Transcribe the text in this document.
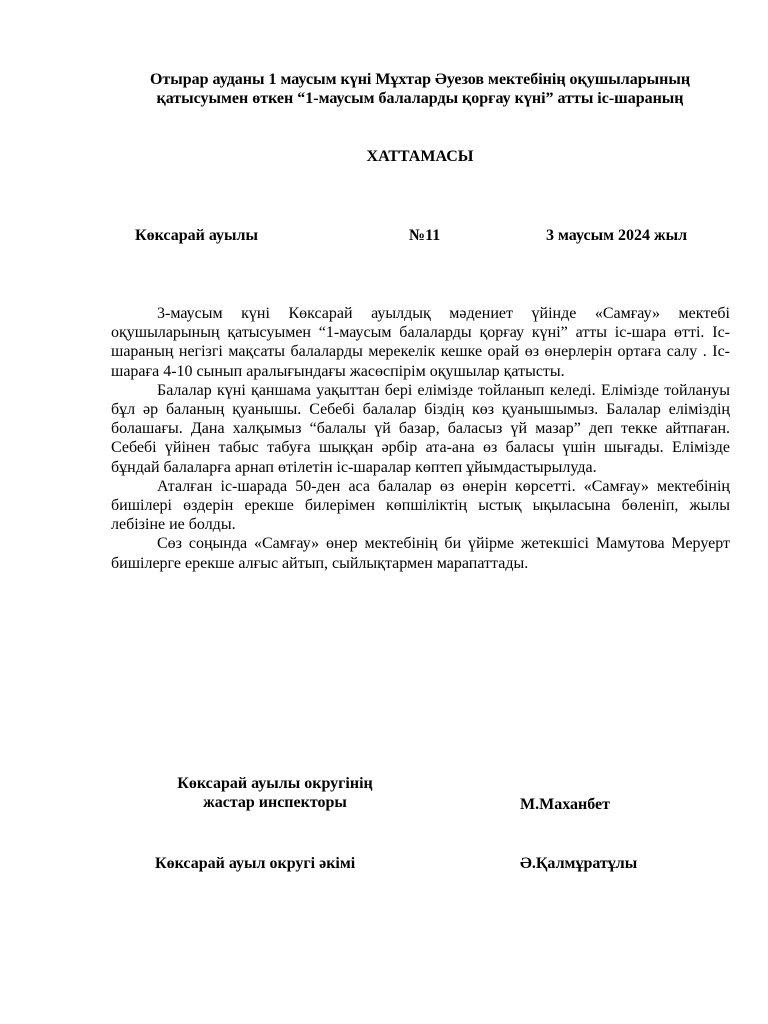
Отырар ауданы 1 маусым күні Мұхтар Әуезов мектебінің оқушыларының
қатысуымен өткен “1-маусым балаларды қорғау күні” атты іс-шараның
ХАТТАМАСЫ
Көксарай ауылы	№11	3 маусым 2024 жыл

3-маусым күні Көксарай ауылдық мәдениет үйінде «Самғау» мектебі оқушыларының қатысуымен “1-маусым балаларды қорғау күні” атты іс-шара өтті. Іс-шараның негізгі мақсаты балаларды мерекелік кешке орай өз өнерлерін ортаға салу . Іс-шараға 4-10 сынып аралығындағы жасөспірім оқушылар қатысты.

Балалар күні қаншама уақыттан бері елімізде тойланып келеді. Елімізде тойлануы бұл әр баланың қуанышы. Себебі балалар біздің көз қуанышымыз. Балалар еліміздің болашағы. Дана халқымыз “балалы үй базар, баласыз үй мазар” деп текке айтпаған. Себебі үйінен табыс табуға шыққан әрбір ата-ана өз баласы үшін шығады. Елімізде бұндай балаларға арнап өтілетін іс-шаралар көптеп ұйымдастырылуда.

Аталған іс-шарада 50-ден аса балалар өз өнерін көрсетті. «Самғау» мектебінің бишілері өздерін ерекше билерімен көпшіліктің ыстық ықыласына бөленіп, жылы лебізіне ие болды.

Сөз соңында «Самғау» өнер мектебінің би үйірме жетекшісі Мамутова Меруерт бишілерге ерекше алғыс айтып, сыйлықтармен марапаттады.

Көксарай ауылы округінің
жастар инспекторы	М.Маханбет
Көксарай ауыл округі әкімі	Ә.Қалмұратұлы
